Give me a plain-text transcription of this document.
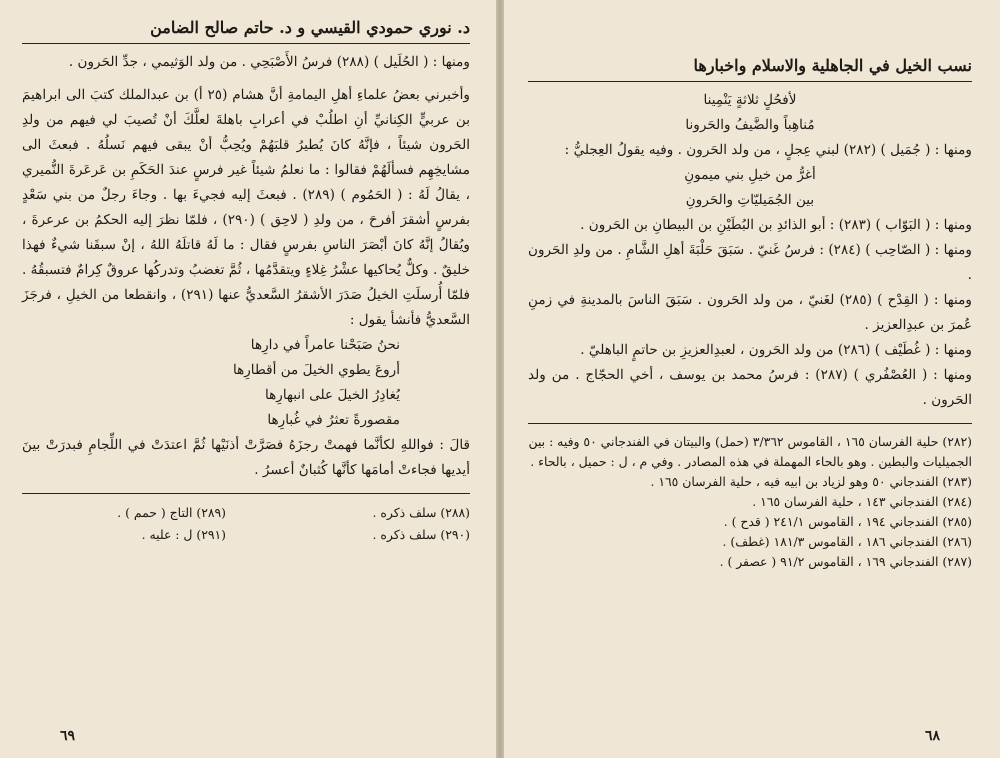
د. نوري حمودي القيسي و د. حاتم صالح الضامن

ومنها : ( الحُلَيل ) (٢٨٨) فرسُ الأَصْبَحِي . من ولد الوَثيمي ، جدِّ الحَرون .

وأخبرني بعضُ علماءِ أهلِ اليمامةِ أنَّ هشام (٢٥ أ) بن عبدالملك كتبَ الى ابراهيمَ بن عربيٍّ الكِنانيِّ أنِ اطلُبْ في أعرابِ باهلةَ لعلَّكَ أنْ تُصيبَ لي فيهم من ولدِ الحَرون شيئاً ، فإنَّهُ كانَ يُطيرُ قلبَهُمْ ويُحِبُّ أنْ يبقى فيهم نَسلُهُ . فبعثَ الى مشايخِهِم فسألَهُمْ فقالوا : ما نعلمُ شيئاً غير فرسٍ عندَ الحَكَمِ بن عَرعَرةَ النُّميري ، يقالُ لَهُ : ( الحَمُوم ) (٢٨٩) . فبعثَ إليه فجيءَ بها . وجاءَ رجلٌ من بني سَعْدٍ بفرسٍ أشقرَ أفرحَ ، من ولدِ ( لاحِق ) (٢٩٠) ، فلمّا نظرَ إليه الحكمُ بن عرعرةَ ، ويُقالُ إنَّهُ كانَ أبْصَرَ الناسِ بفرسٍ فقال : ما لَهُ قاتلَهُ اللهُ ، إنْ سبقَنا شيءٌ فهذا خليقٌ . وكلٌّ يُحاكيها عشْرُ غِلاءٍ ويتقدَّمُها ، ثُمَّ تغضبُ وتدركُها عروقٌ كِرامٌ فتسبقُهُ . فلمّا أُرسلَتِ الخيلُ صَدَرَ الأشقرُ السَّعديُّ عنها (٢٩١) ، وانقطعا من الخيلِ ، فرجَزَ السَّعديُّ فأنشأ يقول :

نحنُ صَبَحْنا عامراً في دارِها
أروعَ يطوي الخيلَ من أقطارِها
يُغادِرُ الخيلَ على انبهارِها
مقصورةً تعثرُ في غُبارِها

قالَ : فواللهِ لكأنَّما فهمتْ رجزَهُ فصَرَّتْ أذنَيْها ثُمَّ اعتدَتْ في اللِّجامِ فبدرَتْ بينَ أيديها فجاءتْ أمامَها كأنَّها كُثبانٌ أعسرُ .

(٢٨٨) سلف ذكره .
(٢٩٠) سلف ذكره .
(٢٨٩) التاج ( حمم ) .
(٢٩١) ل : عليه .
٦٩
نسب الخيل في الجاهلية والاسلام واخبارها
لأفحُلٍ ثلاثةٍ يَنْمِينا
مُناهِباً والضَّيفُ والحَرونا

ومنها : ( جُمَيل ) (٢٨٢) لبني عِجلٍ ، من ولد الحَرون . وفيه يقولُ العِجليُّ :

أغرُّ من خيلِ بني ميمونِ
بين الجُمَيليّاتِ والحَرونِ

ومنها : ( البَوّاب ) (٢٨٣) : أبو الذائدِ بن البُطَيْنِ بن البيطانِ بن الحَرون .

ومنها : ( الصّاحِب ) (٢٨٤) : فرسُ غَنيّ . سَبَقَ حَلْبَةَ أهلِ الشَّامِ . من ولدِ الحَرون .

ومنها : ( القِدْح ) (٢٨٥) لغَنيّ ، من ولد الحَرون . سَبَقَ الناسَ بالمدينةِ في زمنِ عُمرَ بن عبدِالعزيز .

ومنها : ( غُطَيْف ) (٢٨٦) من ولد الحَرون ، لعبدِالعزيزِ بن حاتمٍ الباهليّ .

ومنها : ( العُصْفُري ) (٢٨٧) : فرسُ محمد بن يوسف ، أخي الحجّاج . من ولد الحَرون .

(٢٨٢) حلية الفرسان ١٦٥ ، القاموس ٣/٣٦٢ (حمل) والبيتان في الفندجاني ٥٠ وفيه : بين الجميليات والبطين . وهو بالحاء المهملة في هذه المصادر . وفي م ، ل : حميل ، بالحاء .
(٢٨٣) الفندجاني ٥٠ وهو لزياد بن ابيه فيه ، حلية الفرسان ١٦٥ .
(٢٨٤) الفندجاني ١٤٣ ، حلية الفرسان ١٦٥ .
(٢٨٥) الفندجاني ١٩٤ ، القاموس ٢٤١/١ ( قدح ) .
(٢٨٦) الفندجاني ١٨٦ ، القاموس ١٨١/٣ (غطف) .
(٢٨٧) الفندجاني ١٦٩ ، القاموس ٩١/٢ ( عصفر ) .
٦٨
